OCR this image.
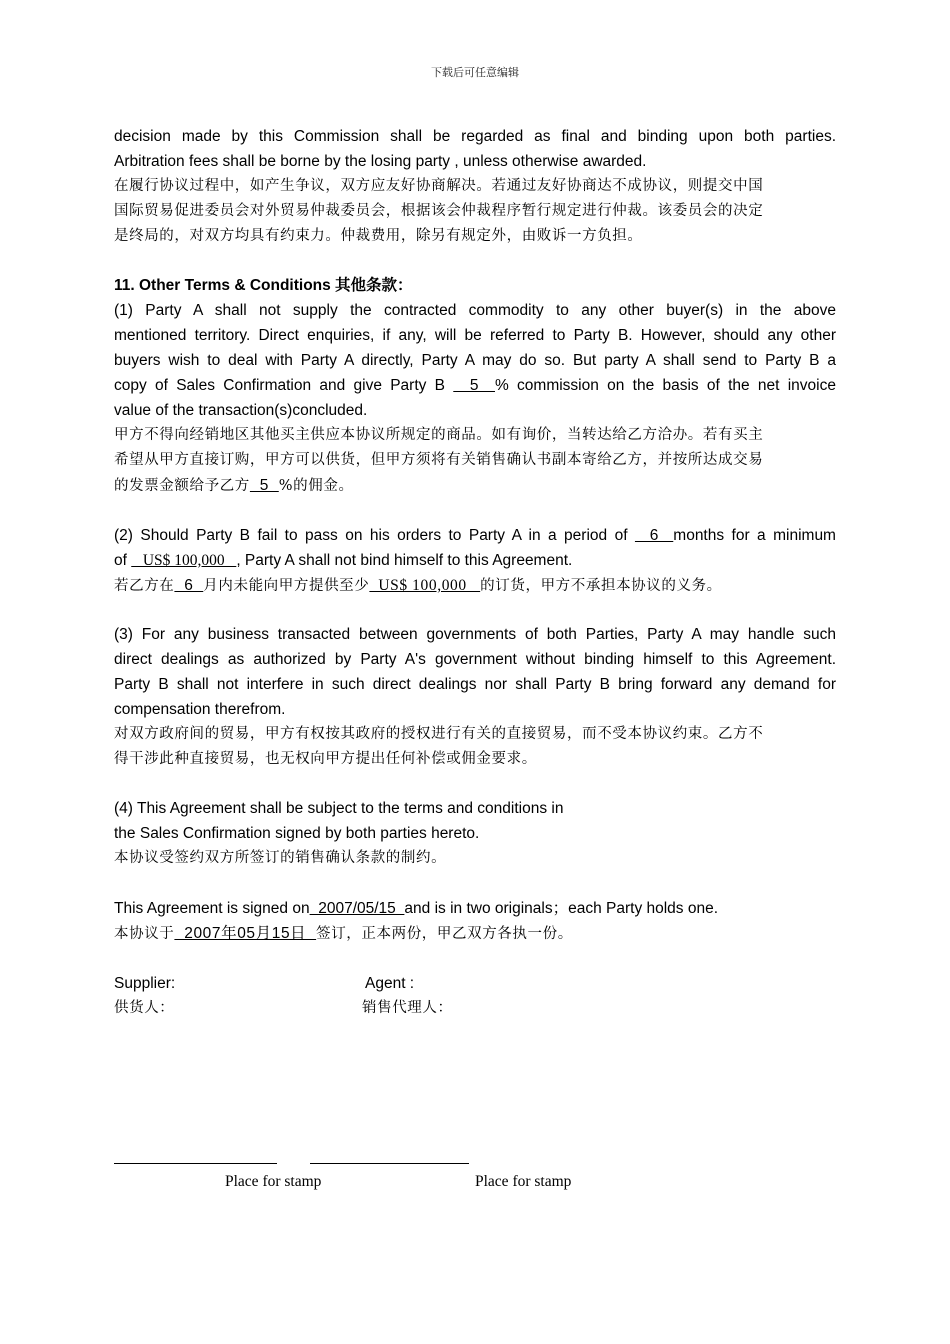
下载后可任意编辑
decision made by this Commission shall be regarded as final and binding upon both parties.
Arbitration fees shall be borne by the losing party , unless otherwise awarded.
在履行协议过程中，如产生争议，双方应友好协商解决。若通过友好协商达不成协议，则提交中国
国际贸易促进委员会对外贸易仲裁委员会，根据该会仲裁程序暂行规定进行仲裁。该委员会的决定
是终局的，对双方均具有约束力。仲裁费用，除另有规定外，由败诉一方负担。
11. Other Terms & Conditions 其他条款：
(1) Party A shall not supply the contracted commodity to any other buyer(s) in the above
mentioned territory. Direct enquiries, if any, will be referred to Party B. However, should any other
buyers wish to deal with Party A directly, Party A may do so. But party A shall send to Party B a
copy of Sales Confirmation and give Party B   5  % commission on the basis of the net invoice
value of the transaction(s)concluded.
甲方不得向经销地区其他买主供应本协议所规定的商品。如有询价，当转达给乙方洽办。若有买主
希望从甲方直接订购，甲方可以供货，但甲方须将有关销售确认书副本寄给乙方，并按所达成交易
的发票金额给予乙方  5  %的佣金。
(2) Should Party B fail to pass on his orders to Party A in a period of   6  months for a minimum
of    US$ 100,000   , Party A shall not bind himself to this Agreement.
若乙方在  6  月内未能向甲方提供至少  US$ 100,000   的订货，甲方不承担本协议的义务。
(3) For any business transacted between governments of both Parties, Party A may handle such
direct dealings as authorized by Party A's government without binding himself to this Agreement.
Party B shall not interfere in such direct dealings nor shall Party B bring forward any demand for
compensation therefrom.
对双方政府间的贸易，甲方有权按其政府的授权进行有关的直接贸易，而不受本协议约束。乙方不
得干涉此种直接贸易，也无权向甲方提出任何补偿或佣金要求。
(4) This Agreement shall be subject to the terms and conditions in
the Sales Confirmation signed by both parties hereto.
本协议受签约双方所签订的销售确认条款的制约。
This Agreement is signed on  2007/05/15  and is in two originals；each Party holds one.
本协议于  2007年05月15日  签订，正本两份，甲乙双方各执一份。
Supplier:	Agent :
供货人：	销售代理人：
Place for stamp	Place for stamp
